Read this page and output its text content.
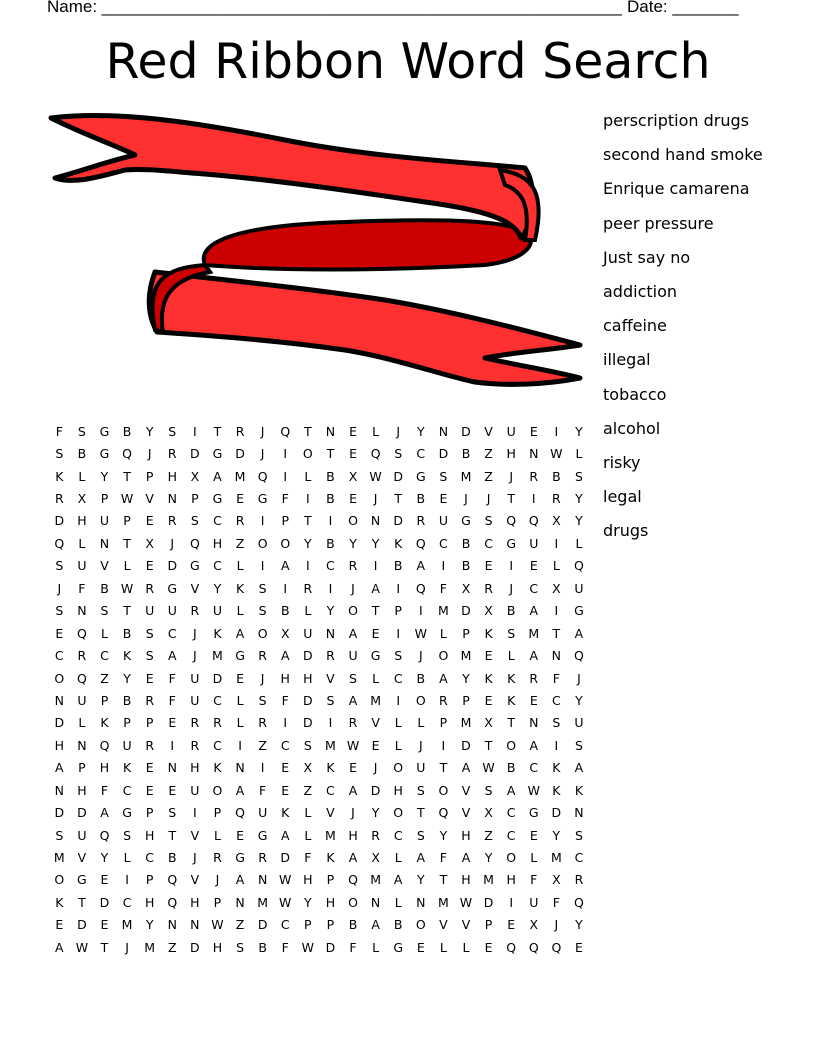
Name: _______________________________________________________ Date: _______
Red Ribbon Word Search
perscription drugs
second hand smoke
Enrique camarena
peer pressure
Just say no
addiction
caffeine
illegal
tobacco
alcohol
risky
legal
drugs
F	S	G	B	Y	S	I	T	R	J	Q	T	N	E	L	J	Y	N	D	V	U	E	I	Y
S	B	G	Q	J	R	D	G	D	J	I	O	T	E	Q	S	C	D	B	Z	H	N	W	L
K	L	Y	T	P	H	X	A	M	Q	I	L	B	X	W	D	G	S	M	Z	J	R	B	S
R	X	P	W	V	N	P	G	E	G	F	I	B	E	J	T	B	E	J	J	T	I	R	Y
D	H	U	P	E	R	S	C	R	I	P	T	I	O	N	D	R	U	G	S	Q	Q	X	Y
Q	L	N	T	X	J	Q	H	Z	O	O	Y	B	Y	Y	K	Q	C	B	C	G	U	I	L
S	U	V	L	E	D	G	C	L	I	A	I	C	R	I	B	A	I	B	E	I	E	L	Q
J	F	B	W	R	G	V	Y	K	S	I	R	I	J	A	I	Q	F	X	R	J	C	X	U
S	N	S	T	U	U	R	U	L	S	B	L	Y	O	T	P	I	M	D	X	B	A	I	G
E	Q	L	B	S	C	J	K	A	O	X	U	N	A	E	I	W	L	P	K	S	M	T	A
C	R	C	K	S	A	J	M	G	R	A	D	R	U	G	S	J	O	M	E	L	A	N	Q
O	Q	Z	Y	E	F	U	D	E	J	H	H	V	S	L	C	B	A	Y	K	K	R	F	J
N	U	P	B	R	F	U	C	L	S	F	D	S	A	M	I	O	R	P	E	K	E	C	Y
D	L	K	P	P	E	R	R	L	R	I	D	I	R	V	L	L	P	M	X	T	N	S	U
H	N	Q	U	R	I	R	C	I	Z	C	S	M	W	E	L	J	I	D	T	O	A	I	S
A	P	H	K	E	N	H	K	N	I	E	X	K	E	J	O	U	T	A	W	B	C	K	A
N	H	F	C	E	E	U	O	A	F	E	Z	C	A	D	H	S	O	V	S	A	W	K	K
D	D	A	G	P	S	I	P	Q	U	K	L	V	J	Y	O	T	Q	V	X	C	G	D	N
S	U	Q	S	H	T	V	L	E	G	A	L	M	H	R	C	S	Y	H	Z	C	E	Y	S
M	V	Y	L	C	B	J	R	G	R	D	F	K	A	X	L	A	F	A	Y	O	L	M	C
O	G	E	I	P	Q	V	J	A	N	W	H	P	Q	M	A	Y	T	H	M	H	F	X	R
K	T	D	C	H	Q	H	P	N	M	W	Y	H	O	N	L	N	M	W	D	I	U	F	Q
E	D	E	M	Y	N	N	W	Z	D	C	P	P	B	A	B	O	V	V	P	E	X	J	Y
A	W	T	J	M	Z	D	H	S	B	F	W	D	F	L	G	E	L	L	E	Q	Q	Q	E
